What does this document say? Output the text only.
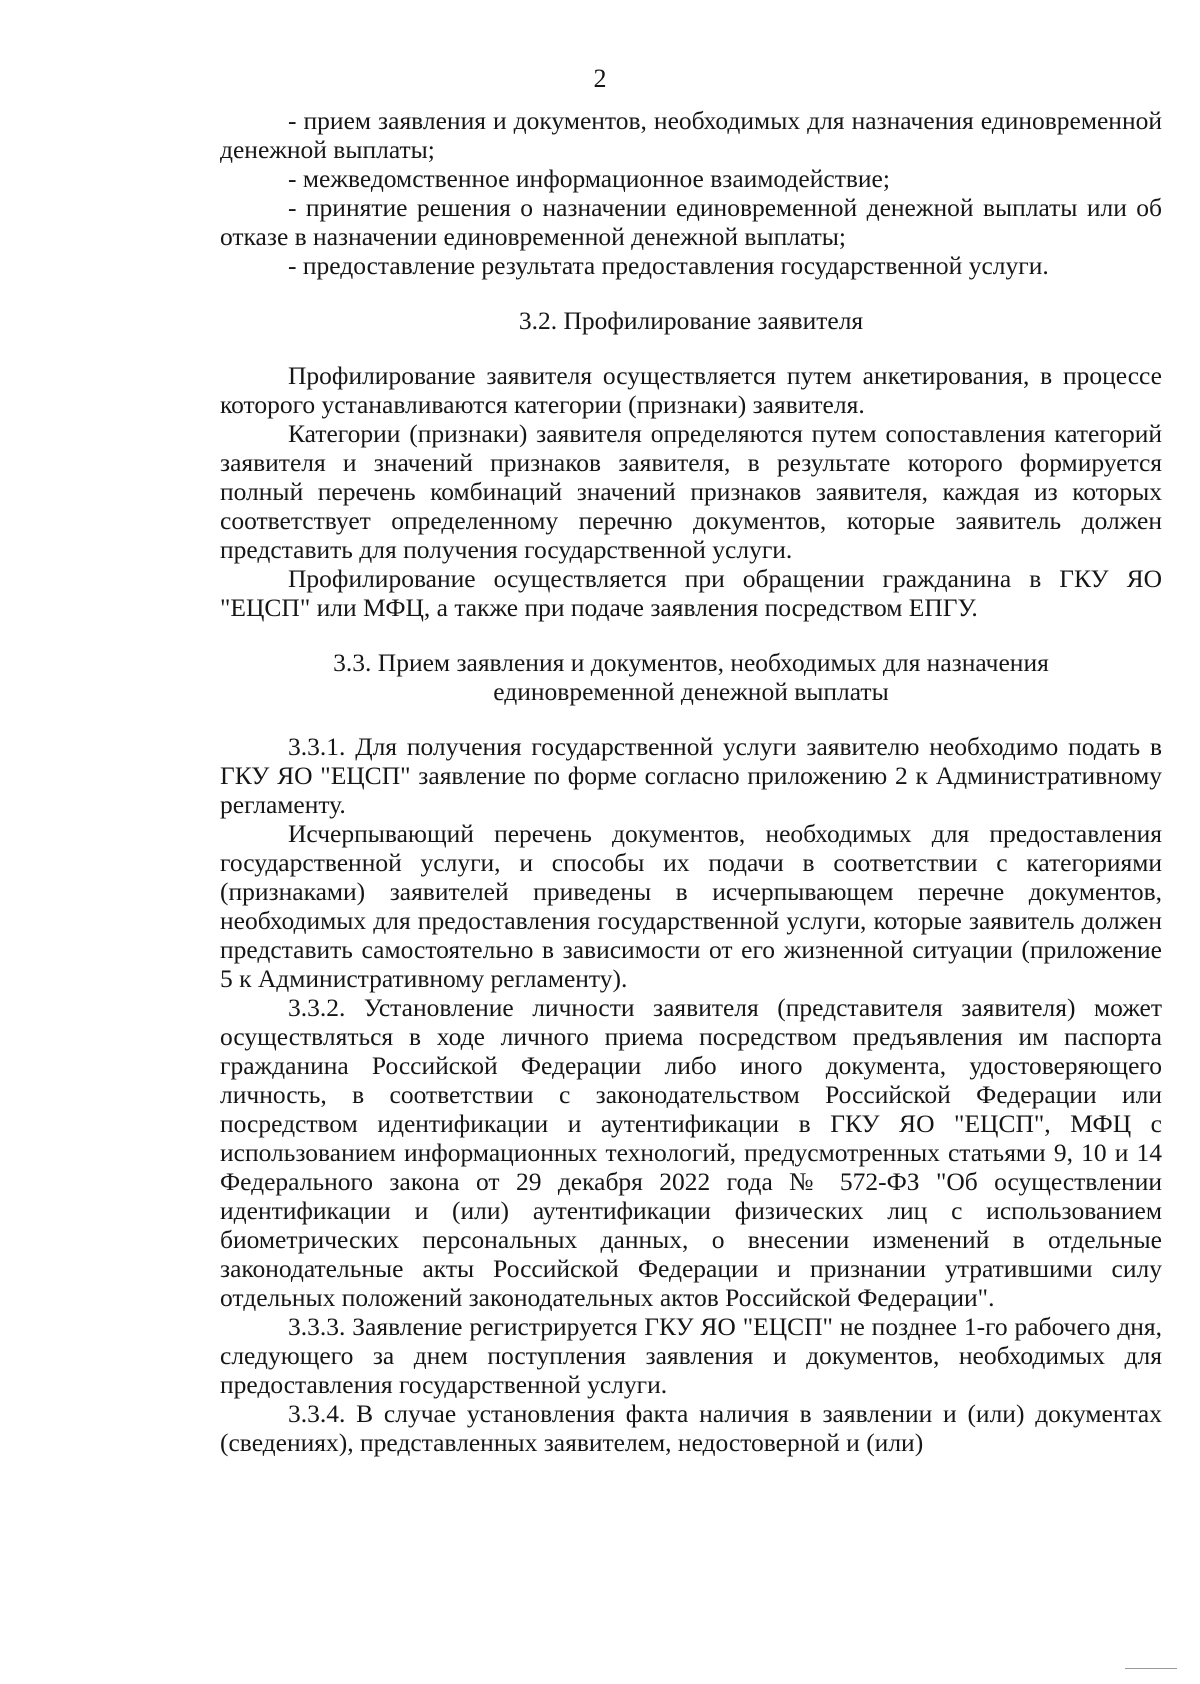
2

- прием заявления и документов, необходимых для назначения единовременной денежной выплаты;

- межведомственное информационное взаимодействие;

- принятие решения о назначении единовременной денежной выплаты или об отказе в назначении единовременной денежной выплаты;

- предоставление результата предоставления государственной услуги.

3.2. Профилирование заявителя

Профилирование заявителя осуществляется путем анкетирования, в процессе которого устанавливаются категории (признаки) заявителя.

Категории (признаки) заявителя определяются путем сопоставления категорий заявителя и значений признаков заявителя, в результате которого формируется полный перечень комбинаций значений признаков заявителя, каждая из которых соответствует определенному перечню документов, которые заявитель должен представить для получения государственной услуги.

Профилирование осуществляется при обращении гражданина в ГКУ ЯО "ЕЦСП" или МФЦ, а также при подаче заявления посредством ЕПГУ.

3.3. Прием заявления и документов, необходимых для назначения
единовременной денежной выплаты

3.3.1. Для получения государственной услуги заявителю необходимо подать в ГКУ ЯО "ЕЦСП" заявление по форме согласно приложению 2 к Административному регламенту.

Исчерпывающий перечень документов, необходимых для предоставления государственной услуги, и способы их подачи в соответствии с категориями (признаками) заявителей приведены в исчерпывающем перечне документов, необходимых для предоставления государственной услуги, которые заявитель должен представить самостоятельно в зависимости от его жизненной ситуации (приложение 5 к Административному регламенту).

3.3.2. Установление личности заявителя (представителя заявителя) может осуществляться в ходе личного приема посредством предъявления им паспорта гражданина Российской Федерации либо иного документа, удостоверяющего личность, в соответствии с законодательством Российской Федерации или посредством идентификации и аутентификации в ГКУ ЯО "ЕЦСП", МФЦ с использованием информационных технологий, предусмотренных статьями 9, 10 и 14 Федерального закона от 29 декабря 2022 года № 572-ФЗ "Об осуществлении идентификации и (или) аутентификации физических лиц с использованием биометрических персональных данных, о внесении изменений в отдельные законодательные акты Российской Федерации и признании утратившими силу отдельных положений законодательных актов Российской Федерации".

3.3.3. Заявление регистрируется ГКУ ЯО "ЕЦСП" не позднее 1-го рабочего дня, следующего за днем поступления заявления и документов, необходимых для предоставления государственной услуги.

3.3.4. В случае установления факта наличия в заявлении и (или) документах (сведениях), представленных заявителем, недостоверной и (или)
